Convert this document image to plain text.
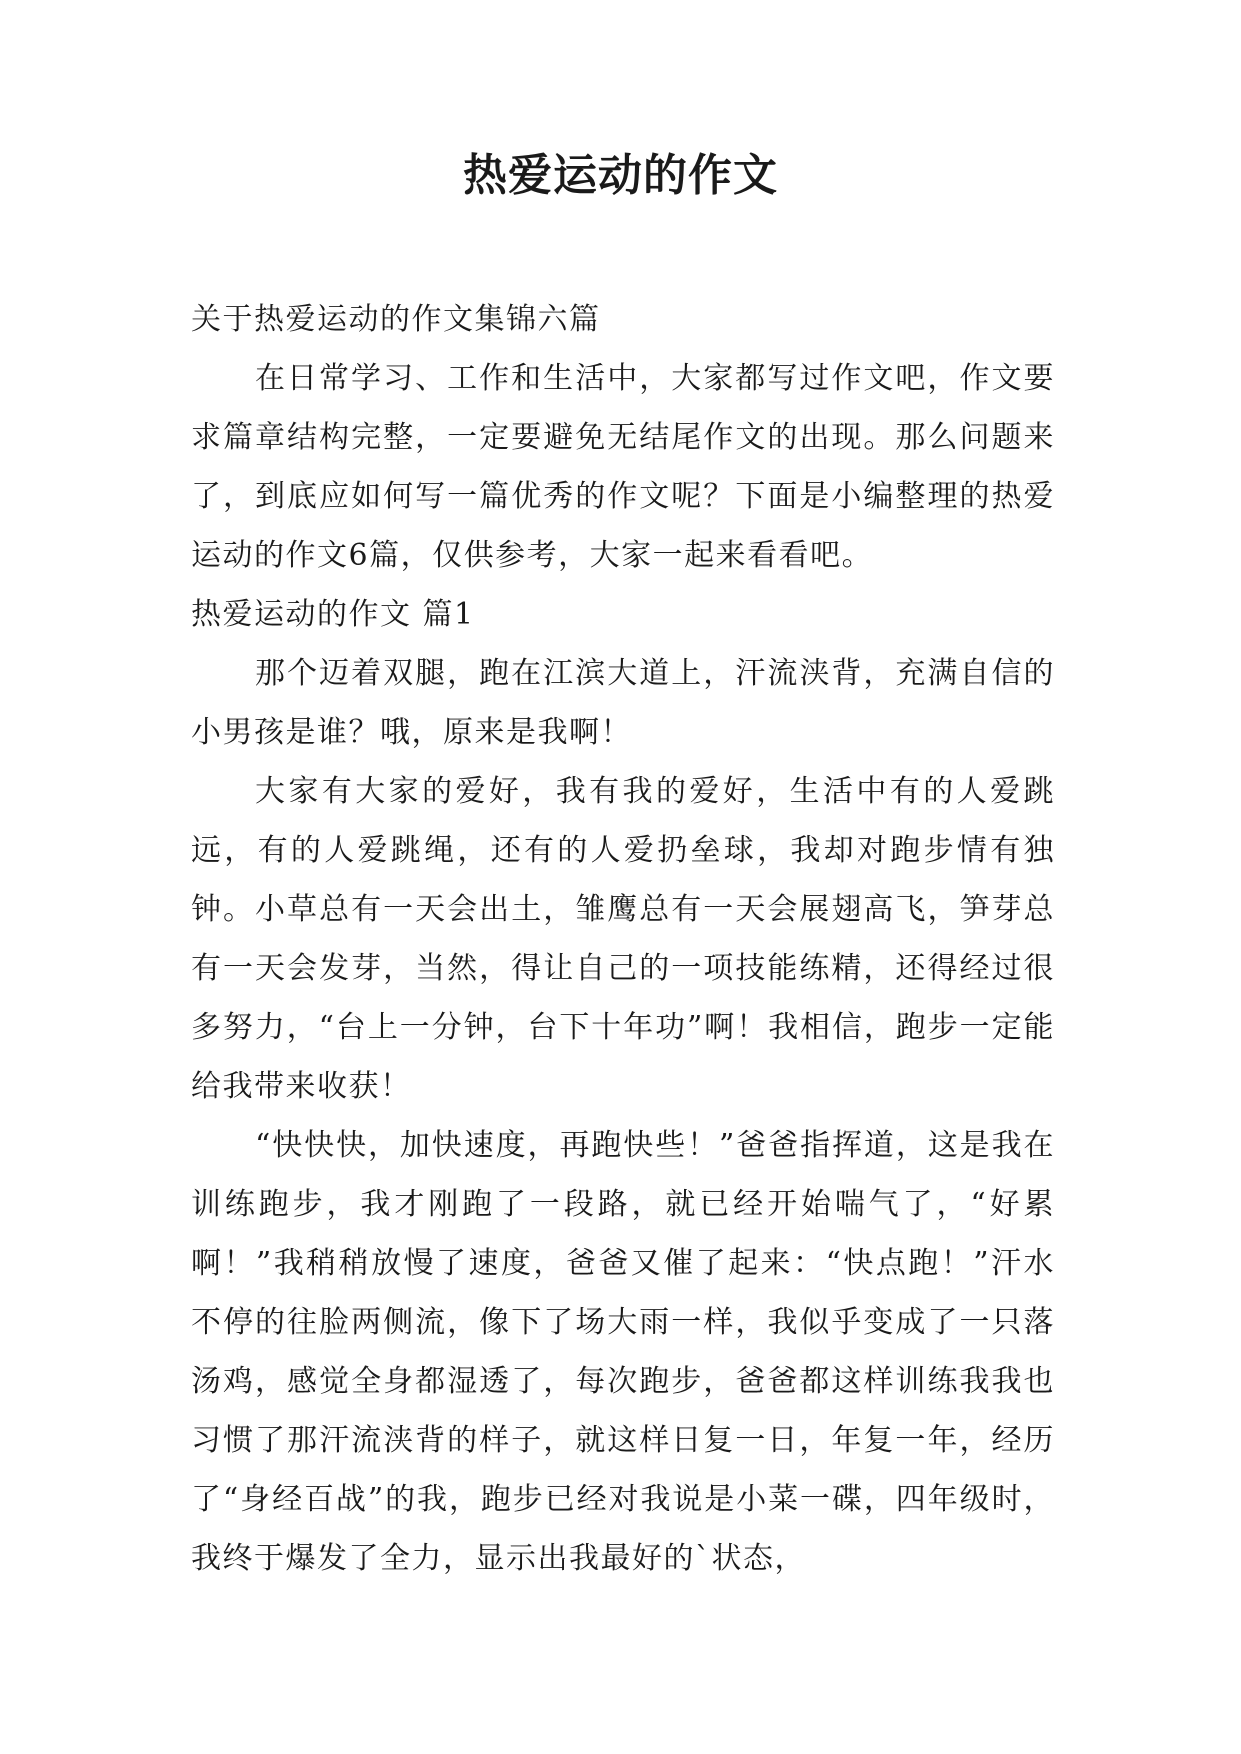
热爱运动的作文

关于热爱运动的作文集锦六篇

在日常学习、工作和生活中，大家都写过作文吧，作文要求篇章结构完整，一定要避免无结尾作文的出现。那么问题来了，到底应如何写一篇优秀的作文呢？下面是小编整理的热爱运动的作文6篇，仅供参考，大家一起来看看吧。

热爱运动的作文 篇1

那个迈着双腿，跑在江滨大道上，汗流浃背，充满自信的小男孩是谁？哦，原来是我啊！

大家有大家的爱好，我有我的爱好，生活中有的人爱跳远，有的人爱跳绳，还有的人爱扔垒球，我却对跑步情有独钟。小草总有一天会出土，雏鹰总有一天会展翅高飞，笋芽总有一天会发芽，当然，得让自己的一项技能练精，还得经过很多努力，“台上一分钟，台下十年功”啊！我相信，跑步一定能给我带来收获！

“快快快，加快速度，再跑快些！”爸爸指挥道，这是我在训练跑步，我才刚跑了一段路，就已经开始喘气了，“好累啊！”我稍稍放慢了速度，爸爸又催了起来：“快点跑！”汗水不停的往脸两侧流，像下了场大雨一样，我似乎变成了一只落汤鸡，感觉全身都湿透了，每次跑步，爸爸都这样训练我我也习惯了那汗流浃背的样子，就这样日复一日，年复一年，经历了“身经百战”的我，跑步已经对我说是小菜一碟，四年级时，我终于爆发了全力，显示出我最好的`状态，
